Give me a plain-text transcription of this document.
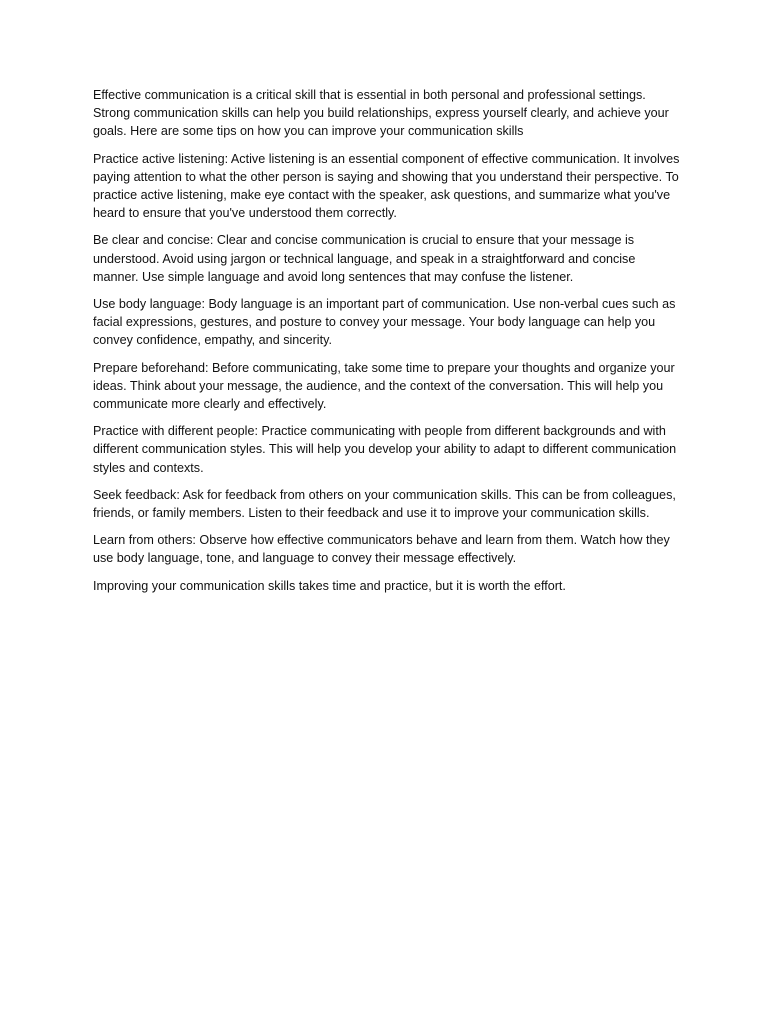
Effective communication is a critical skill that is essential in both personal and professional settings. Strong communication skills can help you build relationships, express yourself clearly, and achieve your goals. Here are some tips on how you can improve your communication skills

Practice active listening: Active listening is an essential component of effective communication. It involves paying attention to what the other person is saying and showing that you understand their perspective. To practice active listening, make eye contact with the speaker, ask questions, and summarize what you've heard to ensure that you've understood them correctly.

Be clear and concise: Clear and concise communication is crucial to ensure that your message is understood. Avoid using jargon or technical language, and speak in a straightforward and concise manner. Use simple language and avoid long sentences that may confuse the listener.

Use body language: Body language is an important part of communication. Use non-verbal cues such as facial expressions, gestures, and posture to convey your message. Your body language can help you convey confidence, empathy, and sincerity.

Prepare beforehand: Before communicating, take some time to prepare your thoughts and organize your ideas. Think about your message, the audience, and the context of the conversation. This will help you communicate more clearly and effectively.

Practice with different people: Practice communicating with people from different backgrounds and with different communication styles. This will help you develop your ability to adapt to different communication styles and contexts.

Seek feedback: Ask for feedback from others on your communication skills. This can be from colleagues, friends, or family members. Listen to their feedback and use it to improve your communication skills.

Learn from others: Observe how effective communicators behave and learn from them. Watch how they use body language, tone, and language to convey their message effectively.

Improving your communication skills takes time and practice, but it is worth the effort.
